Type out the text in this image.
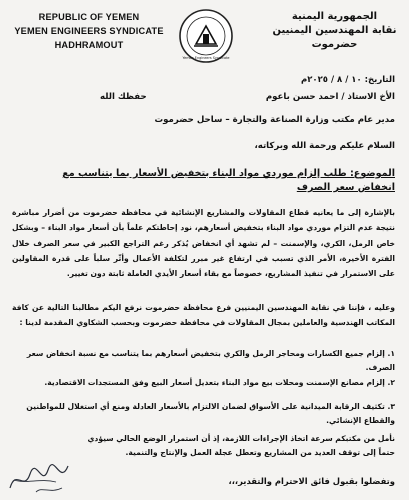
REPUBLIC OF YEMEN
YEMEN ENGINEERS SYNDICATE
HADHRAMOUT
Yemen Engineers Syndicate
الجمهورية اليمنية
نقابة المهندسين اليمنيين
حضرموت
التاريخ: ١٠ / ٨ / ٢٠٢٥م
الأخ الاستاذ / احمد حسن باعوم
حفظك الله
مدير عام مكتب وزارة الصناعة والتجارة – ساحل حضرموت
السلام عليكم ورحمة الله وبركاته،
الموضوع: طلب إلزام موردي مواد البناء بتخفيض الأسعار بما يتناسب مع انخفاض سعر الصرف
بالإشارة إلى ما يعانيه قطاع المقاولات والمشاريع الإنشائية في محافظة حضرموت من أضرار مباشرة نتيجة عدم التزام موردي مواد البناء بتخفيض أسعارهم، نود إحاطتكم علماً بأن أسعار مواد البناء – وبشكل خاص الرمل، الكري، والإسمنت – لم تشهد أي انخفاض يُذكر رغم التراجع الكبير في سعر الصرف خلال الفترة الأخيرة، الأمر الذي تسبب في ارتفاع غير مبرر لتكلفة الأعمال وأثّر سلباً على قدرة المقاولين على الاستمرار في تنفيذ المشاريع، خصوصاً مع بقاء أسعار الأيدي العاملة ثابتة دون تغيير.
وعليه ، فإننا في نقابة المهندسين اليمنيين فرع محافظة حضرموت نرفع اليكم مطالبنا التالية عن كافة المكاتب الهندسية والعاملين بمجال المقاولات في محافظة حضرموت وبحسب الشكاوي المقدمة لدينا :
١. إلزام جميع الكسارات ومحاجر الرمل والكري بتخفيض أسعارهم بما يتناسب مع نسبة انخفاض سعر الصرف.
٢. إلزام مصانع الإسمنت ومحلات بيع مواد البناء بتعديل أسعار البيع وفق المستجدات الاقتصادية.
٣. تكثيف الرقابة الميدانية على الأسواق لضمان الالتزام بالأسعار العادلة ومنع أي استغلال للمواطنين والقطاع الإنشائي.
نأمل من مكتبكم سرعة اتخاذ الإجراءات اللازمة، إذ أن استمرار الوضع الحالي سيؤدي حتماً إلى توقف العديد من المشاريع وتعطل عجلة العمل والإنتاج والتنمية.
وتفضلوا بقبول فائق الاحترام والتقدير،،،
